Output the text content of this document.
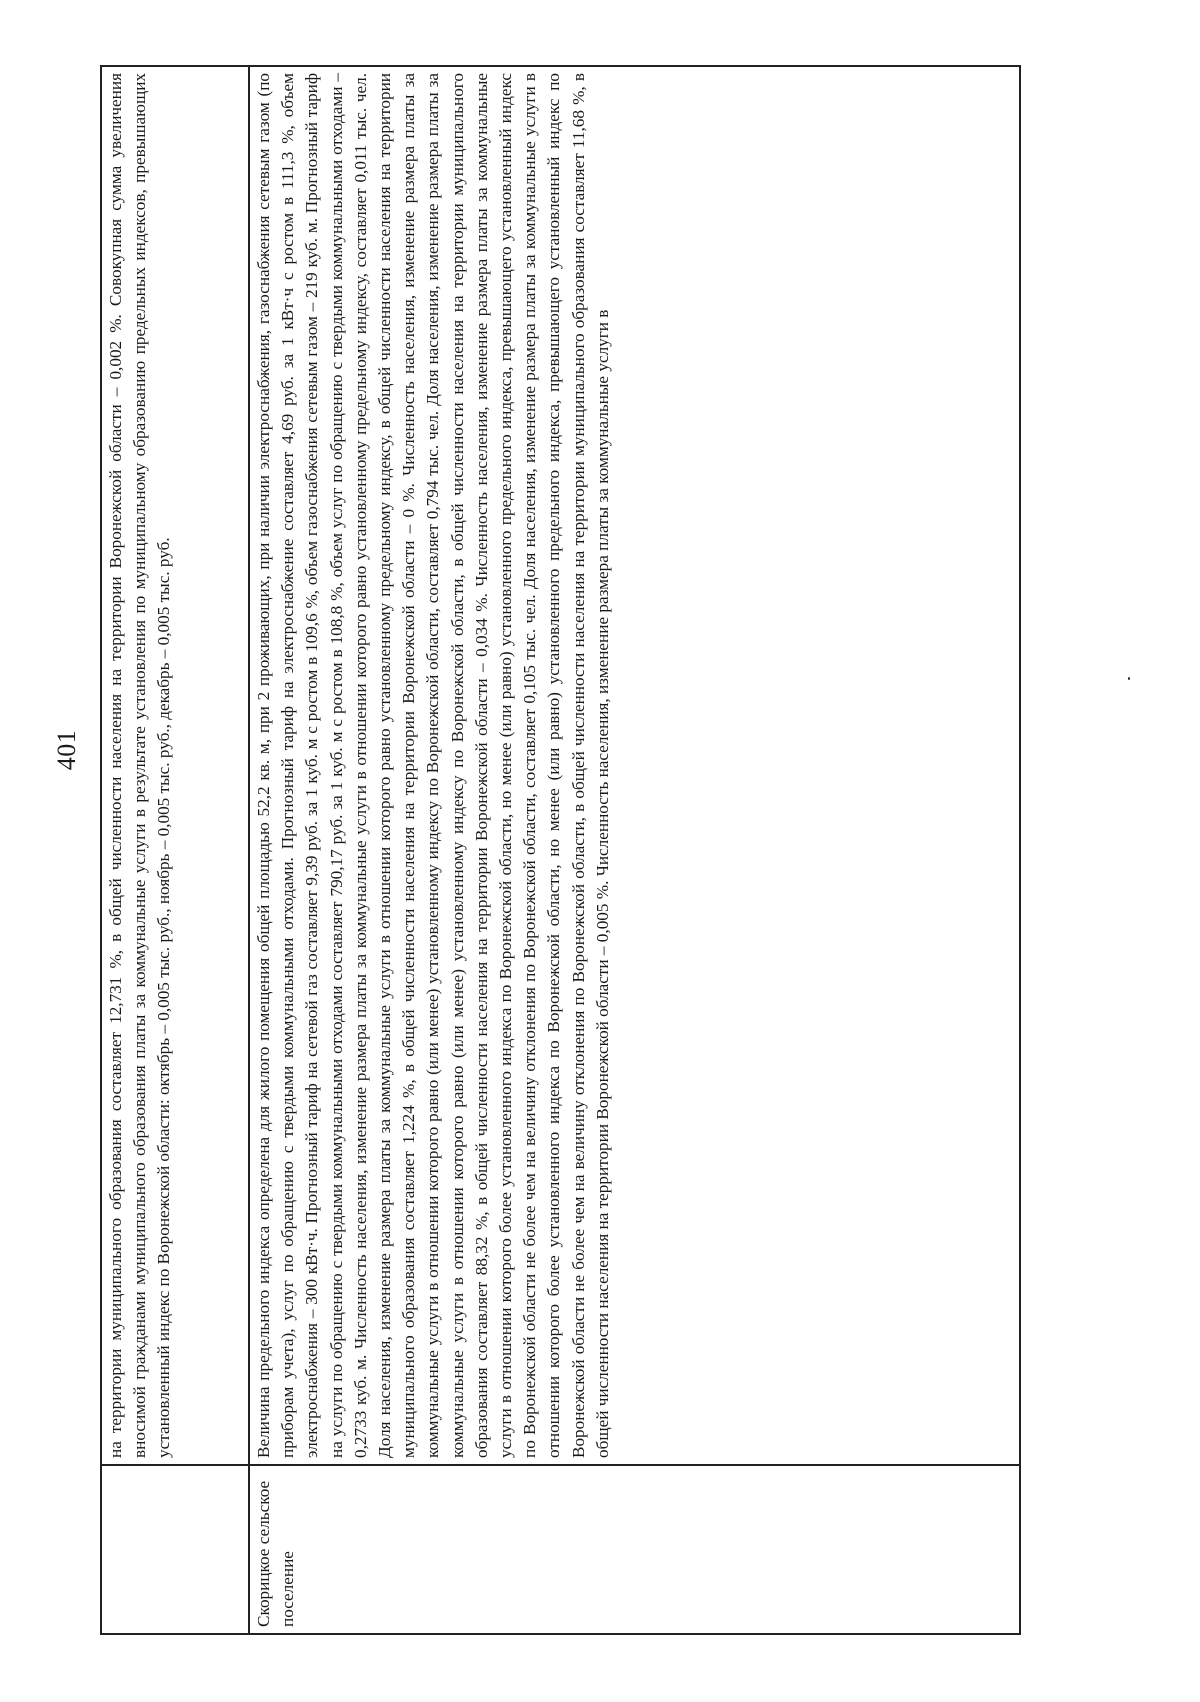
401

	на территории муниципального образования составляет 12,731 %, в общей численности населения на территории Воронежской области – 0,002 %. Совокупная сумма увеличения вносимой гражданами муниципального образования платы за коммунальные услуги в результате установления по муниципальному образованию предельных индексов, превышающих установленный индекс по Воронежской области: октябрь – 0,005 тыс. руб., ноябрь – 0,005 тыс. руб., декабрь – 0,005 тыс. руб.

Скорицкое сельское поселение	Величина предельного индекса определена для жилого помещения общей площадью 52,2 кв. м, при 2 проживающих, при наличии электроснабжения, газоснабжения сетевым газом (по приборам учета), услуг по обращению с твердыми коммунальными отходами. Прогнозный тариф на электроснабжение составляет 4,69 руб. за 1 кВт·ч с ростом в 111,3 %, объем электроснабжения – 300 кВт·ч. Прогнозный тариф на сетевой газ составляет 9,39 руб. за 1 куб. м с ростом в 109,6 %, объем газоснабжения сетевым газом – 219 куб. м. Прогнозный тариф на услуги по обращению с твердыми коммунальными отходами составляет 790,17 руб. за 1 куб. м с ростом в 108,8 %, объем услуг по обращению с твердыми коммунальными отходами – 0,2733 куб. м. Численность населения, изменение размера платы за коммунальные услуги в отношении которого равно установленному предельному индексу, составляет 0,011 тыс. чел. Доля населения, изменение размера платы за коммунальные услуги в отношении которого равно установленному предельному индексу, в общей численности населения на территории муниципального образования составляет 1,224 %, в общей численности населения на территории Воронежской области – 0 %. Численность населения, изменение размера платы за коммунальные услуги в отношении которого равно (или менее) установленному индексу по Воронежской области, составляет 0,794 тыс. чел. Доля населения, изменение размера платы за коммунальные услуги в отношении которого равно (или менее) установленному индексу по Воронежской области, в общей численности населения на территории муниципального образования составляет 88,32 %, в общей численности населения на территории Воронежской области – 0,034 %. Численность населения, изменение размера платы за коммунальные услуги в отношении которого более установленного индекса по Воронежской области, но менее (или равно) установленного предельного индекса, превышающего установленный индекс по Воронежской области не более чем на величину отклонения по Воронежской области, составляет 0,105 тыс. чел. Доля населения, изменение размера платы за коммунальные услуги в отношении которого более установленного индекса по Воронежской области, но менее (или равно) установленного предельного индекса, превышающего установленный индекс по Воронежской области не более чем на величину отклонения по Воронежской области, в общей численности населения на территории муниципального образования составляет 11,68 %, в общей численности населения на территории Воронежской области – 0,005 %. Численность населения, изменение размера платы за коммунальные услуги в
